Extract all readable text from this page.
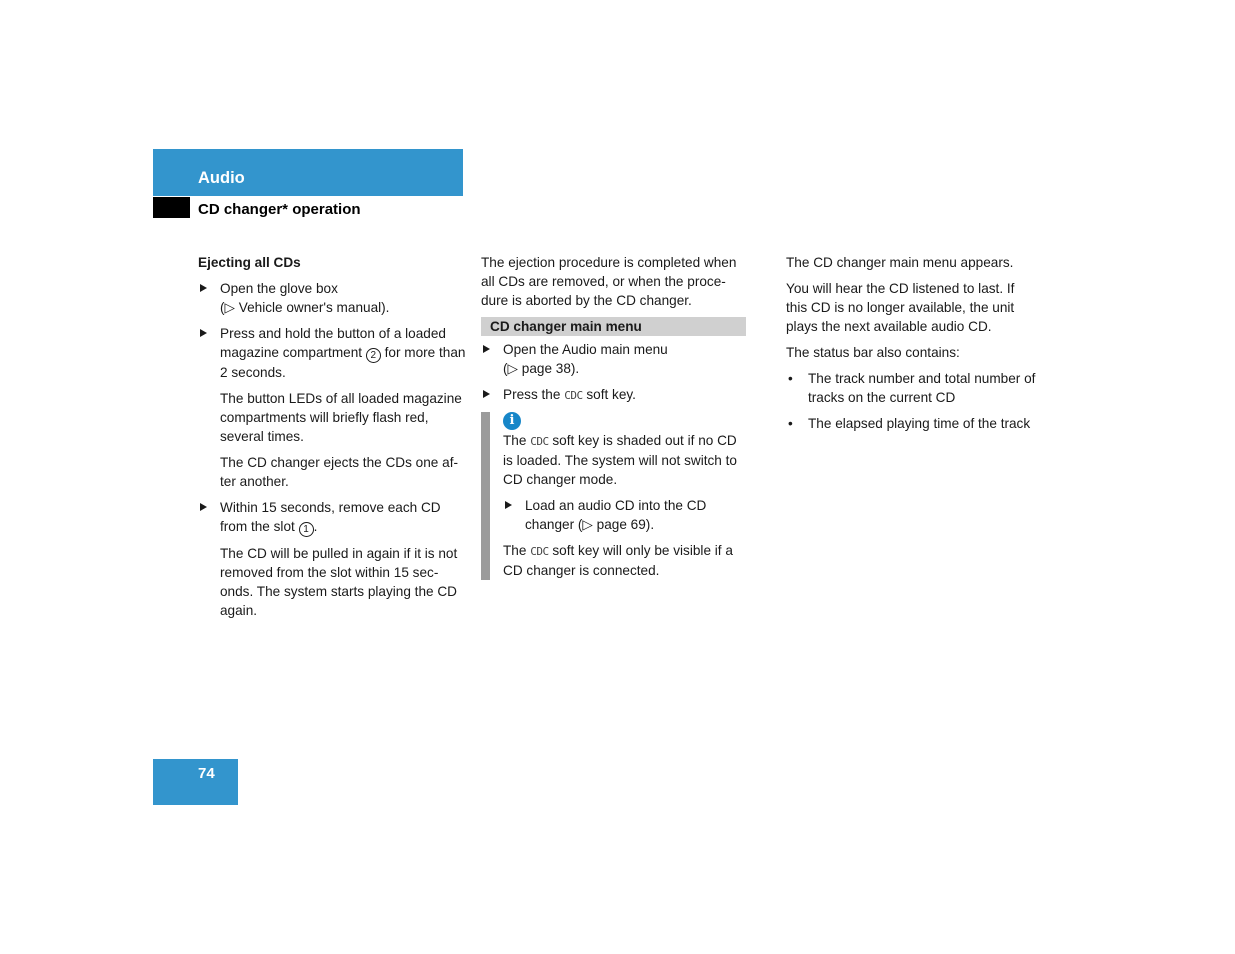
Audio
CD changer* operation

Ejecting all CDs

Open the glove box
(▷ Vehicle owner's manual).
Press and hold the button of a loaded magazine compartment 2 for more than 2 seconds.

The button LEDs of all loaded magazine compartments will briefly flash red, several times.

The CD changer ejects the CDs one af-ter another.

Within 15 seconds, remove each CD from the slot 1 .

The CD will be pulled in again if it is not removed from the slot within 15 sec-onds. The system starts playing the CD again.

The ejection procedure is completed when all CDs are removed, or when the proce-dure is aborted by the CD changer.

CD changer main menu
Open the Audio main menu
(▷ page 38).
Press the CDC soft key.
i

The CDC soft key is shaded out if no CD is loaded. The system will not switch to CD changer mode.

Load an audio CD into the CD changer (▷ page 69).

The CDC soft key will only be visible if a CD changer is connected.

The CD changer main menu appears.

You will hear the CD listened to last. If this CD is no longer available, the unit plays the next available audio CD.

The status bar also contains:

• The track number and total number of tracks on the current CD
• The elapsed playing time of the track
74
